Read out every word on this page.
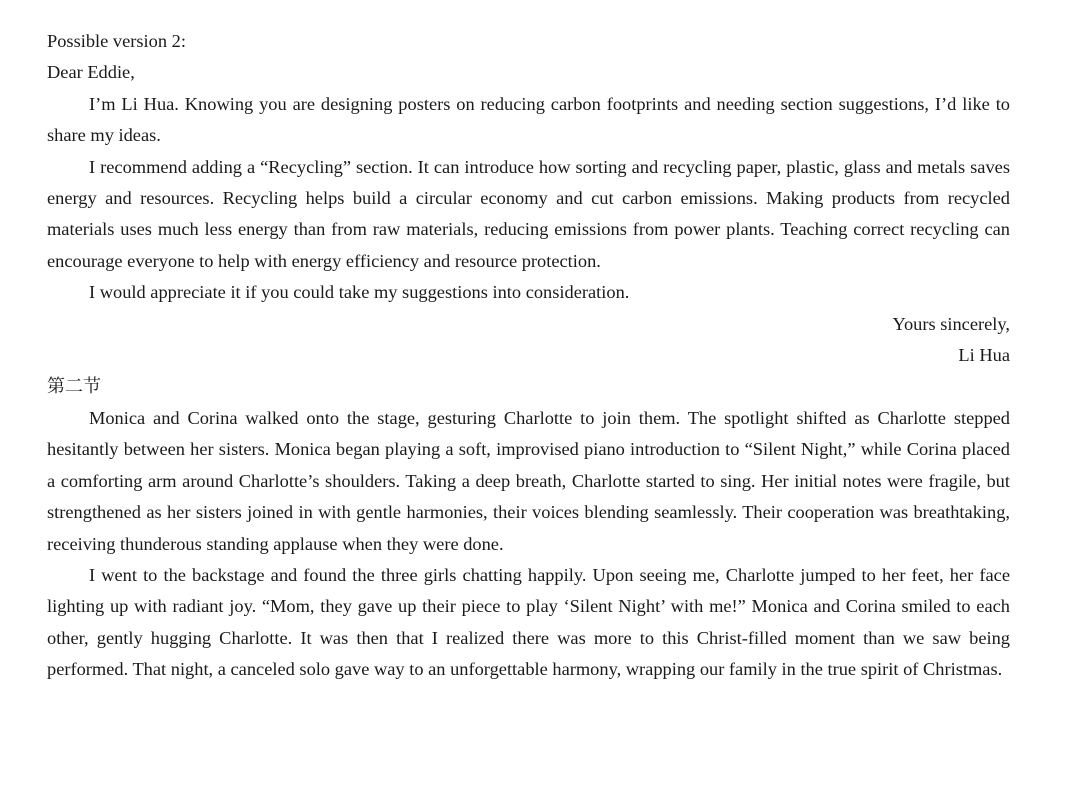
Possible version 2:

Dear Eddie,

I’m Li Hua. Knowing you are designing posters on reducing carbon footprints and needing section suggestions, I’d like to share my ideas.

I recommend adding a “Recycling” section. It can introduce how sorting and recycling paper, plastic, glass and metals saves energy and resources. Recycling helps build a circular economy and cut carbon emissions. Making products from recycled materials uses much less energy than from raw materials, reducing emissions from power plants. Teaching correct recycling can encourage everyone to help with energy efficiency and resource protection.

I would appreciate it if you could take my suggestions into consideration.

Yours sincerely,

Li Hua

第二节

Monica and Corina walked onto the stage, gesturing Charlotte to join them. The spotlight shifted as Charlotte stepped hesitantly between her sisters. Monica began playing a soft, improvised piano introduction to “Silent Night,” while Corina placed a comforting arm around Charlotte’s shoulders. Taking a deep breath, Charlotte started to sing. Her initial notes were fragile, but strengthened as her sisters joined in with gentle harmonies, their voices blending seamlessly. Their cooperation was breathtaking, receiving thunderous standing applause when they were done.

I went to the backstage and found the three girls chatting happily. Upon seeing me, Charlotte jumped to her feet, her face lighting up with radiant joy. “Mom, they gave up their piece to play ‘Silent Night’ with me!” Monica and Corina smiled to each other, gently hugging Charlotte. It was then that I realized there was more to this Christ-filled moment than we saw being performed. That night, a canceled solo gave way to an unforgettable harmony, wrapping our family in the true spirit of Christmas.
